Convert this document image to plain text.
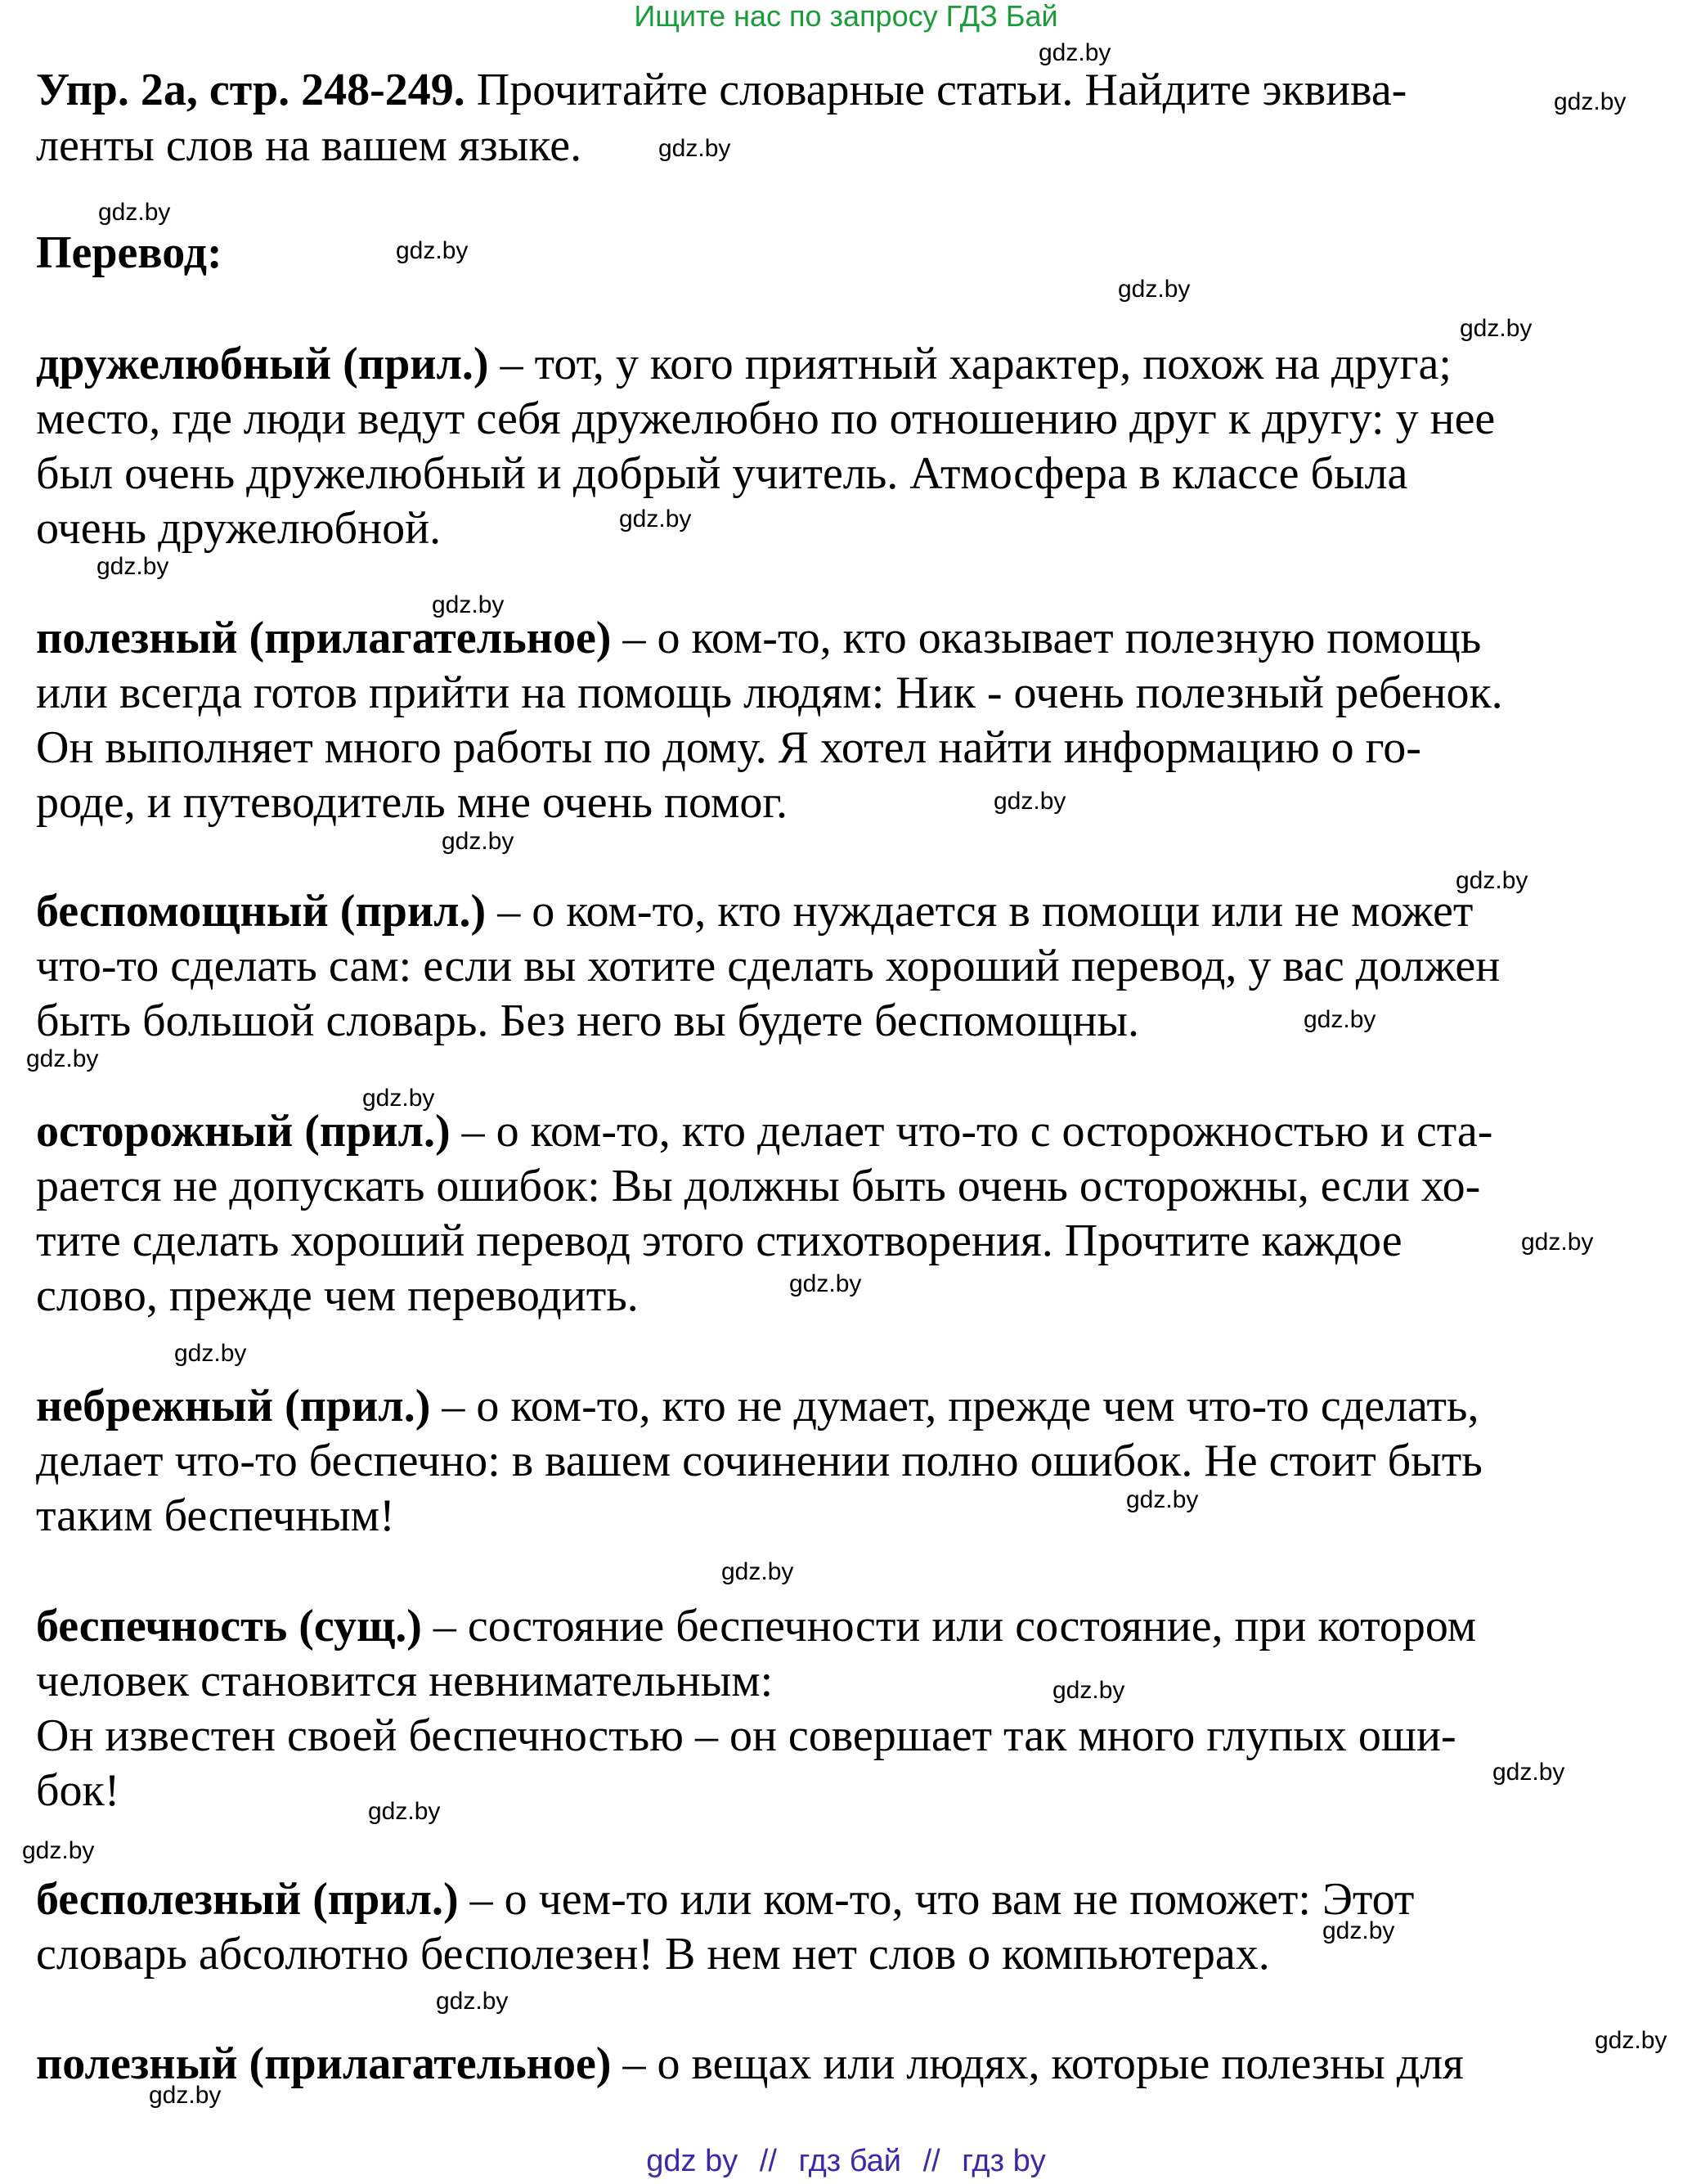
Ищите нас по запросу ГДЗ Бай

Упр. 2а, стр. 248-249. Прочитайте словарные статьи. Найдите эквива-

ленты слов на вашем языке.

Перевод:

дружелюбный (прил.) – тот, у кого приятный характер, похож на друга;
место, где люди ведут себя дружелюбно по отношению друг к другу: у нее
был очень дружелюбный и добрый учитель. Атмосфера в классе была
очень дружелюбной.
полезный (прилагательное) – о ком-то, кто оказывает полезную помощь
или всегда готов прийти на помощь людям: Ник - очень полезный ребенок.
Он выполняет много работы по дому. Я хотел найти информацию о го-
роде, и путеводитель мне очень помог.
беспомощный (прил.) – о ком-то, кто нуждается в помощи или не может
что-то сделать сам: если вы хотите сделать хороший перевод, у вас должен
быть большой словарь. Без него вы будете беспомощны.
осторожный (прил.) – о ком-то, кто делает что-то с осторожностью и ста-
рается не допускать ошибок: Вы должны быть очень осторожны, если хо-
тите сделать хороший перевод этого стихотворения. Прочтите каждое
слово, прежде чем переводить.
небрежный (прил.) – о ком-то, кто не думает, прежде чем что-то сделать,
делает что-то беспечно: в вашем сочинении полно ошибок. Не стоит быть
таким беспечным!
беспечность (сущ.) – состояние беспечности или состояние, при котором
человек становится невнимательным:
Он известен своей беспечностью – он совершает так много глупых оши-
бок!
бесполезный (прил.) – о чем-то или ком-то, что вам не поможет: Этот
словарь абсолютно бесполезен! В нем нет слов о компьютерах.
полезный (прилагательное) – о вещах или людях, которые полезны для
gdz.by
gdz.by
gdz.by
gdz.by
gdz.by
gdz.by
gdz.by
gdz.by
gdz.by
gdz.by
gdz.by
gdz.by
gdz.by
gdz.by
gdz.by
gdz.by
gdz.by
gdz.by
gdz.by
gdz.by
gdz.by
gdz.by
gdz.by
gdz.by
gdz.by
gdz.by
gdz.by
gdz.by
gdz.by
gdz by // гдз бай // гдз by
